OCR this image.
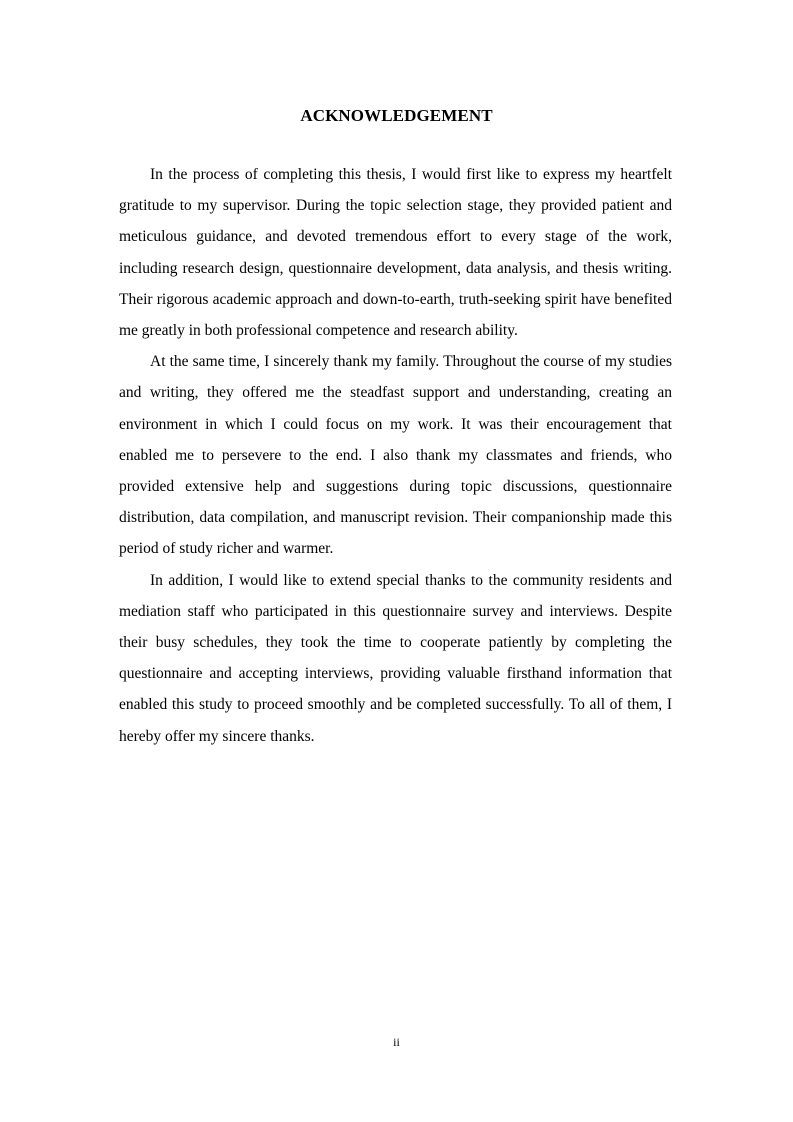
ACKNOWLEDGEMENT

In the process of completing this thesis, I would first like to express my heartfelt gratitude to my supervisor. During the topic selection stage, they provided patient and meticulous guidance, and devoted tremendous effort to every stage of the work, including research design, questionnaire development, data analysis, and thesis writing. Their rigorous academic approach and down-to-earth, truth-seeking spirit have benefited me greatly in both professional competence and research ability.

At the same time, I sincerely thank my family. Throughout the course of my studies and writing, they offered me the steadfast support and understanding, creating an environment in which I could focus on my work. It was their encouragement that enabled me to persevere to the end. I also thank my classmates and friends, who provided extensive help and suggestions during topic discussions, questionnaire distribution, data compilation, and manuscript revision. Their companionship made this period of study richer and warmer.

In addition, I would like to extend special thanks to the community residents and mediation staff who participated in this questionnaire survey and interviews. Despite their busy schedules, they took the time to cooperate patiently by completing the questionnaire and accepting interviews, providing valuable firsthand information that enabled this study to proceed smoothly and be completed successfully. To all of them, I hereby offer my sincere thanks.

ii
